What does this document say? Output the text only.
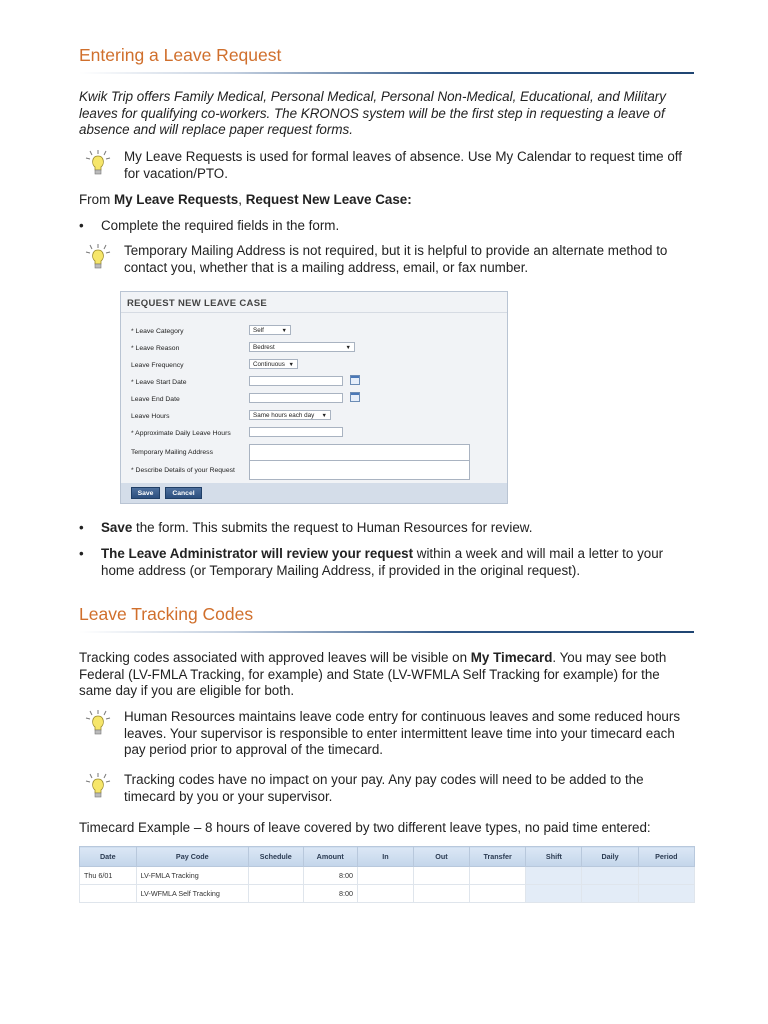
Entering a Leave Request
Kwik Trip offers Family Medical, Personal Medical, Personal Non-Medical, Educational, and Military leaves for qualifying co-workers. The KRONOS system will be the first step in requesting a leave of absence and will replace paper request forms.
My Leave Requests is used for formal leaves of absence. Use My Calendar to request time off for vacation/PTO.
From My Leave Requests, Request New Leave Case:
• Complete the required fields in the form.
Temporary Mailing Address is not required, but it is helpful to provide an alternate method to contact you, whether that is a mailing address, email, or fax number.
REQUEST NEW LEAVE CASE
* Leave Category	Self ▼
* Leave Reason	Bedrest ▼
Leave Frequency	Continuous ▼
* Leave Start Date
Leave End Date
Leave Hours	Same hours each day ▼
* Approximate Daily Leave Hours
Temporary Mailing Address
* Describe Details of your Request
Save	Cancel
• Save the form. This submits the request to Human Resources for review.
• The Leave Administrator will review your request within a week and will mail a letter to your home address (or Temporary Mailing Address, if provided in the original request).
Leave Tracking Codes
Tracking codes associated with approved leaves will be visible on My Timecard. You may see both Federal (LV-FMLA Tracking, for example) and State (LV-WFMLA Self Tracking for example) for the same day if you are eligible for both.
Human Resources maintains leave code entry for continuous leaves and some reduced hours leaves. Your supervisor is responsible to enter intermittent leave time into your timecard each pay period prior to approval of the timecard.
Tracking codes have no impact on your pay. Any pay codes will need to be added to the timecard by you or your supervisor.
Timecard Example – 8 hours of leave covered by two different leave types, no paid time entered:
Date	Pay Code	Schedule	Amount	In	Out	Transfer	Shift	Daily	Period
Thu 6/01	LV-FMLA Tracking		8:00						
	LV-WFMLA Self Tracking		8:00						
